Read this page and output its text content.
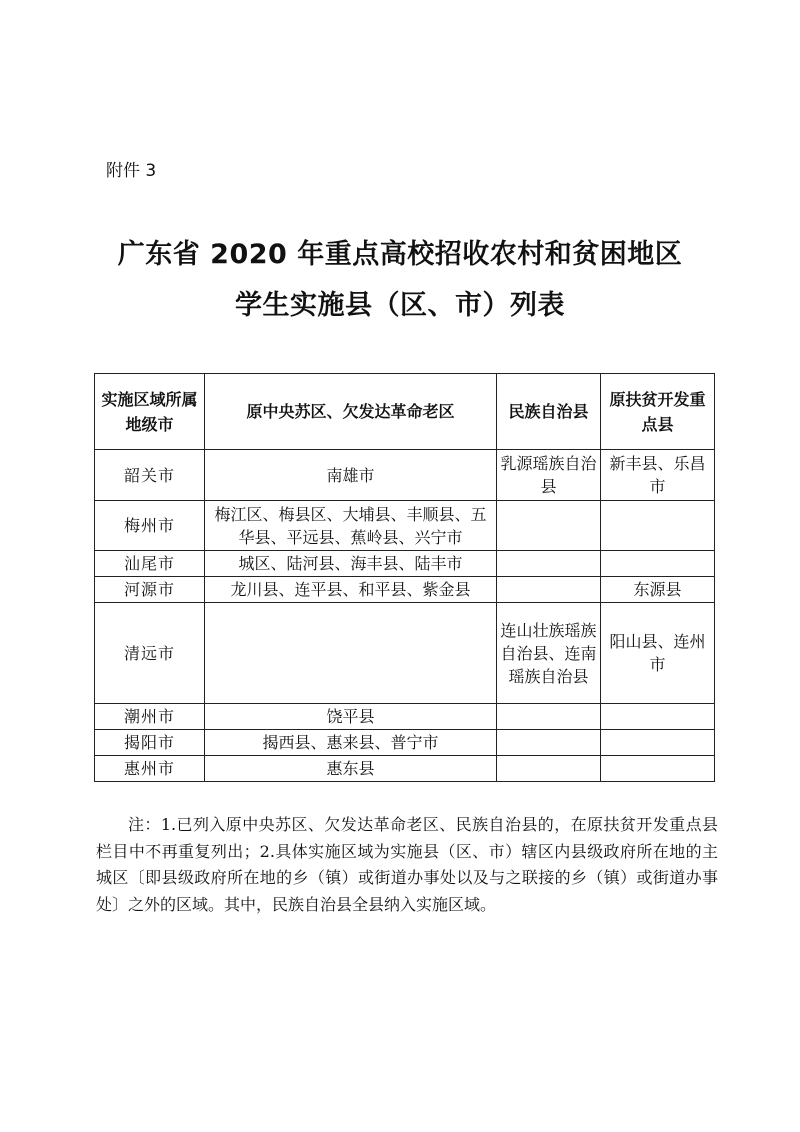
附件 3
广东省 2020 年重点高校招收农村和贫困地区
学生实施县（区、市）列表
实施区域所属地级市	原中央苏区、欠发达革命老区	民族自治县	原扶贫开发重点县
韶关市	南雄市	乳源瑶族自治县	新丰县、乐昌市
梅州市	梅江区、梅县区、大埔县、丰顺县、五华县、平远县、蕉岭县、兴宁市		
汕尾市	城区、陆河县、海丰县、陆丰市		
河源市	龙川县、连平县、和平县、紫金县		东源县
清远市		连山壮族瑶族自治县、连南瑶族自治县	阳山县、连州市
潮州市	饶平县		
揭阳市	揭西县、惠来县、普宁市		
惠州市	惠东县		
注：1.已列入原中央苏区、欠发达革命老区、民族自治县的，在原扶贫开发重点县栏目中不再重复列出；2.具体实施区域为实施县（区、市）辖区内县级政府所在地的主城区〔即县级政府所在地的乡（镇）或街道办事处以及与之联接的乡（镇）或街道办事处〕之外的区域。其中，民族自治县全县纳入实施区域。
